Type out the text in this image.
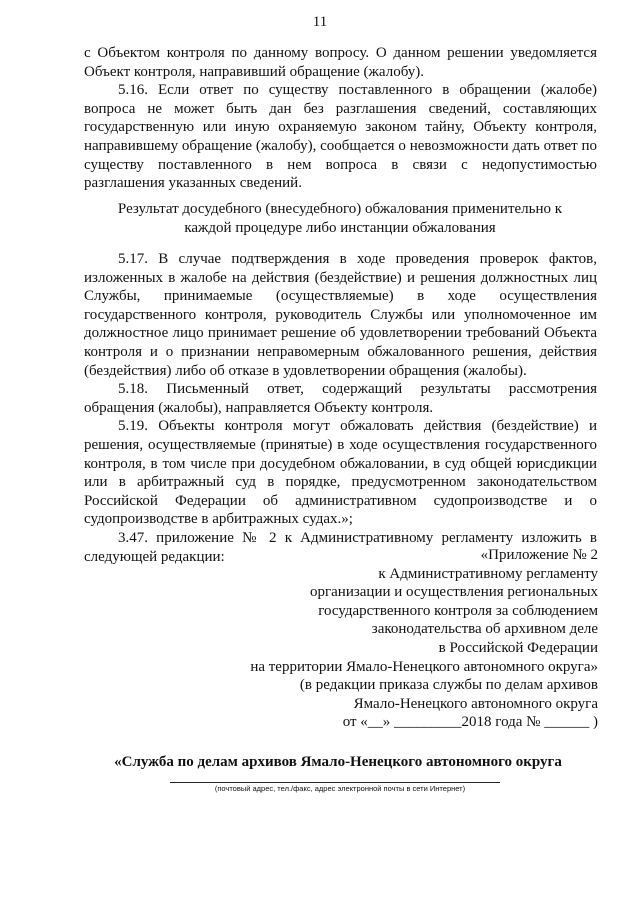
11

с Объектом контроля по данному вопросу. О данном решении уведомляется Объект контроля, направивший обращение (жалобу).

5.16. Если ответ по существу поставленного в обращении (жалобе) вопроса не может быть дан без разглашения сведений, составляющих государственную или иную охраняемую законом тайну, Объекту контроля, направившему обращение (жалобу), сообщается о невозможности дать ответ по существу поставленного в нем вопроса в связи с недопустимостью разглашения указанных сведений.

Результат досудебного (внесудебного) обжалования применительно к каждой процедуре либо инстанции обжалования

5.17. В случае подтверждения в ходе проведения проверок фактов, изложенных в жалобе на действия (бездействие) и решения должностных лиц Службы, принимаемые (осуществляемые) в ходе осуществления государственного контроля, руководитель Службы или уполномоченное им должностное лицо принимает решение об удовлетворении требований Объекта контроля и о признании неправомерным обжалованного решения, действия (бездействия) либо об отказе в удовлетворении обращения (жалобы).

5.18. Письменный ответ, содержащий результаты рассмотрения обращения (жалобы), направляется Объекту контроля.

5.19. Объекты контроля могут обжаловать действия (бездействие) и решения, осуществляемые (принятые) в ходе осуществления государственного контроля, в том числе при досудебном обжаловании, в суд общей юрисдикции или в арбитражный суд в порядке, предусмотренном законодательством Российской Федерации об административном судопроизводстве и о судопроизводстве в арбитражных судах.»;

3.47. приложение № 2 к Административному регламенту изложить в следующей редакции:	«Приложение № 2
к Административному регламенту
организации и осуществления региональных
государственного контроля за соблюдением
законодательства об архивном деле
в Российской Федерации
на территории Ямало-Ненецкого автономного округа»
(в редакции приказа службы по делам архивов
Ямало-Ненецкого автономного округа
от «__» _________2018 года № ______ )
«Служба по делам архивов Ямало-Ненецкого автономного округа
(почтовый адрес, тел./факс, адрес электронной почты в сети Интернет)
